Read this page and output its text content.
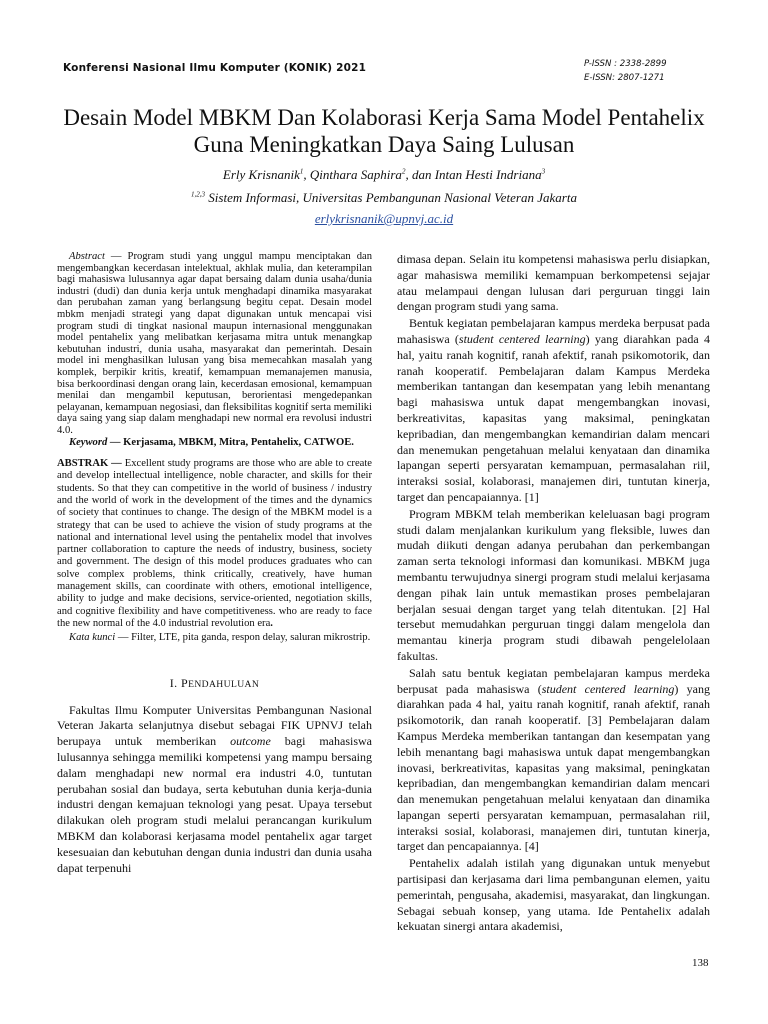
Konferensi Nasional Ilmu Komputer (KONIK) 2021	P-ISSN : 2338-2899
E-ISSN: 2807-1271
Desain Model MBKM Dan Kolaborasi Kerja Sama Model Pentahelix
Guna Meningkatkan Daya Saing Lulusan
Erly Krisnanik$^1$, Qinthara Saphira$^2$, dan Intan Hesti Indriana$^3$
$^{1,2,3}$ Sistem Informasi, Universitas Pembangunan Nasional Veteran Jakarta
erlykrisnanik@upnvj.ac.id

Abstract — Program studi yang unggul mampu menciptakan dan mengembangkan kecerdasan intelektual, akhlak mulia, dan keterampilan bagi mahasiswa lulusannya agar dapat bersaing dalam dunia usaha/dunia industri (dudi) dan dunia kerja untuk menghadapi dinamika masyarakat dan perubahan zaman yang berlangsung begitu cepat. Desain model mbkm menjadi strategi yang dapat digunakan untuk mencapai visi program studi di tingkat nasional maupun internasional menggunakan model pentahelix yang melibatkan kerjasama mitra untuk menangkap kebutuhan industri, dunia usaha, masyarakat dan pemerintah. Desain model ini menghasilkan lulusan yang bisa memecahkan masalah yang komplek, berpikir kritis, kreatif, kemampuan memanajemen manusia, bisa berkoordinasi dengan orang lain, kecerdasan emosional, kemampuan menilai dan mengambil keputusan, berorientasi mengedepankan pelayanan, kemampuan negosiasi, dan fleksibilitas kognitif serta memiliki daya saing yang siap dalam menghadapi new normal era revolusi industri 4.0.

Keyword — Kerjasama, MBKM, Mitra, Pentahelix, CATWOE.

ABSTRAK — Excellent study programs are those who are able to create and develop intellectual intelligence, noble character, and skills for their students. So that they can competitive in the world of business / industry and the world of work in the development of the times and the dynamics of society that continues to change. The design of the MBKM model is a strategy that can be used to achieve the vision of study programs at the national and international level using the pentahelix model that involves partner collaboration to capture the needs of industry, business, society and government. The design of this model produces graduates who can solve complex problems, think critically, creatively, have human management skills, can coordinate with others, emotional intelligence, ability to judge and make decisions, service-oriented, negotiation skills, and cognitive flexibility and have competitiveness. who are ready to face the new normal of the 4.0 industrial revolution era.

Kata kunci — Filter, LTE, pita ganda, respon delay, saluran mikrostrip.

I. PENDAHULUAN

Fakultas Ilmu Komputer Universitas Pembangunan Nasional Veteran Jakarta selanjutnya disebut sebagai FIK UPNVJ telah berupaya untuk memberikan outcome bagi mahasiswa lulusannya sehingga memiliki kompetensi yang mampu bersaing dalam menghadapi new normal era industri 4.0, tuntutan perubahan sosial dan budaya, serta kebutuhan dunia kerja-dunia industri dengan kemajuan teknologi yang pesat. Upaya tersebut dilakukan oleh program studi melalui perancangan kurikulum MBKM dan kolaborasi kerjasama model pentahelix agar target kesesuaian dan kebutuhan dengan dunia industri dan dunia usaha dapat terpenuhi

dimasa depan. Selain itu kompetensi mahasiswa perlu disiapkan, agar mahasiswa memiliki kemampuan berkompetensi sejajar atau melampaui dengan lulusan dari perguruan tinggi lain dengan program studi yang sama.

Bentuk kegiatan pembelajaran kampus merdeka berpusat pada mahasiswa (student centered learning) yang diarahkan pada 4 hal, yaitu ranah kognitif, ranah afektif, ranah psikomotorik, dan ranah kooperatif. Pembelajaran dalam Kampus Merdeka memberikan tantangan dan kesempatan yang lebih menantang bagi mahasiswa untuk dapat mengembangkan inovasi, berkreativitas, kapasitas yang maksimal, peningkatan kepribadian, dan mengembangkan kemandirian dalam mencari dan menemukan pengetahuan melalui kenyataan dan dinamika lapangan seperti persyaratan kemampuan, permasalahan riil, interaksi sosial, kolaborasi, manajemen diri, tuntutan kinerja, target dan pencapaiannya. [1]

Program MBKM telah memberikan keleluasan bagi program studi dalam menjalankan kurikulum yang fleksible, luwes dan mudah diikuti dengan adanya perubahan dan perkembangan zaman serta teknologi informasi dan komunikasi. MBKM juga membantu terwujudnya sinergi program studi melalui kerjasama dengan pihak lain untuk memastikan proses pembelajaran berjalan sesuai dengan target yang telah ditentukan. [2] Hal tersebut memudahkan perguruan tinggi dalam mengelola dan memantau kinerja program studi dibawah pengelelolaan fakultas.

Salah satu bentuk kegiatan pembelajaran kampus merdeka berpusat pada mahasiswa (student centered learning) yang diarahkan pada 4 hal, yaitu ranah kognitif, ranah afektif, ranah psikomotorik, dan ranah kooperatif. [3] Pembelajaran dalam Kampus Merdeka memberikan tantangan dan kesempatan yang lebih menantang bagi mahasiswa untuk dapat mengembangkan inovasi, berkreativitas, kapasitas yang maksimal, peningkatan kepribadian, dan mengembangkan kemandirian dalam mencari dan menemukan pengetahuan melalui kenyataan dan dinamika lapangan seperti persyaratan kemampuan, permasalahan riil, interaksi sosial, kolaborasi, manajemen diri, tuntutan kinerja, target dan pencapaiannya. [4]

Pentahelix adalah istilah yang digunakan untuk menyebut partisipasi dan kerjasama dari lima pembangunan elemen, yaitu pemerintah, pengusaha, akademisi, masyarakat, dan lingkungan. Sebagai sebuah konsep, yang utama. Ide Pentahelix adalah kekuatan sinergi antara akademisi,

138
